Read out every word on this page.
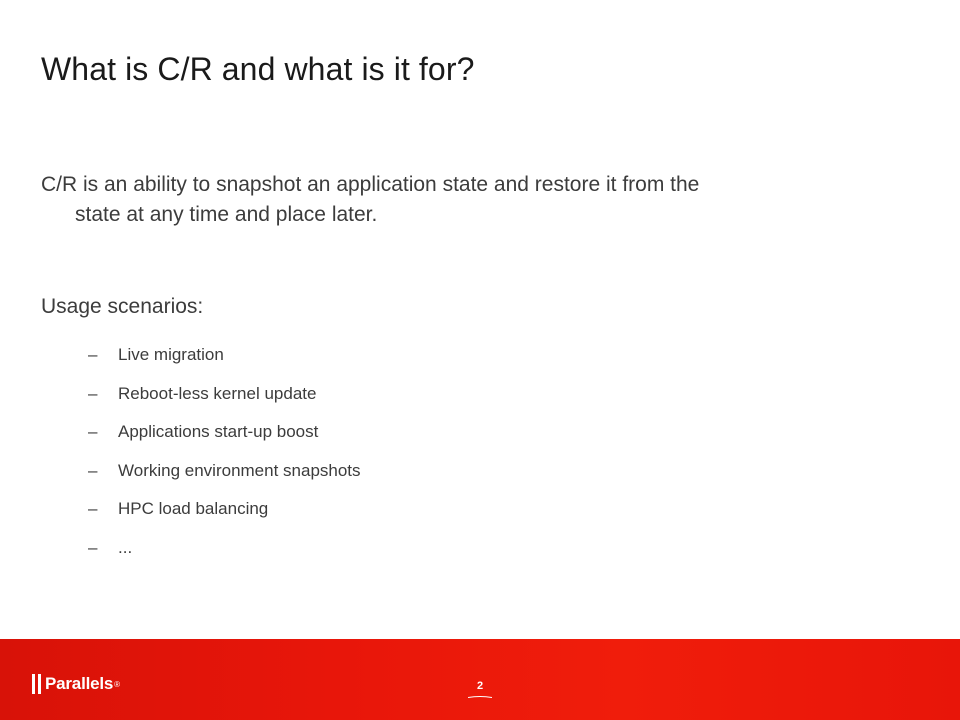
What is C/R and what is it for?
C/R is an ability to snapshot an application state and restore it from the
state at any time and place later.
Usage scenarios:
–	Live migration
–	Reboot-less kernel update
–	Applications start-up boost
–	Working environment snapshots
–	HPC load balancing
–	...
Parallels ®	2
